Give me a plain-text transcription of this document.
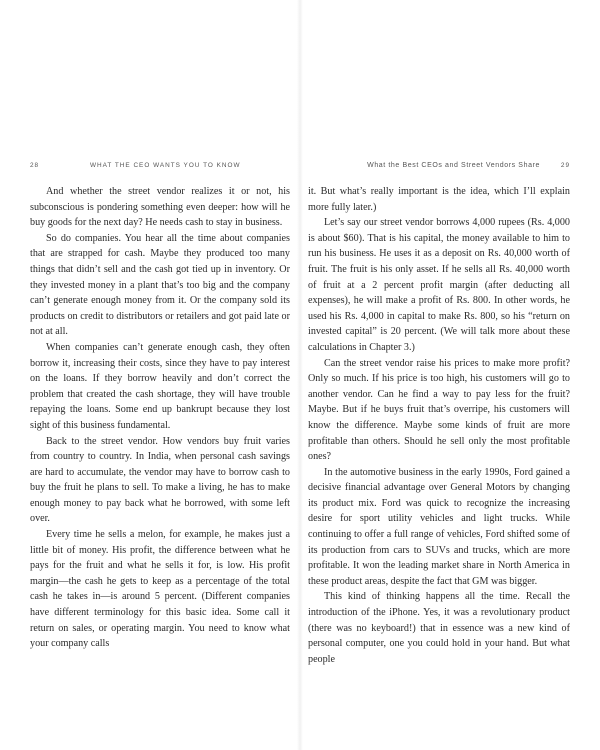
28	WHAT THE CEO WANTS YOU TO KNOW

And whether the street vendor realizes it or not, his subconscious is pondering something even deeper: how will he buy goods for the next day? He needs cash to stay in business.

So do companies. You hear all the time about companies that are strapped for cash. Maybe they produced too many things that didn’t sell and the cash got tied up in inventory. Or they invested money in a plant that’s too big and the company can’t generate enough money from it. Or the company sold its products on credit to distributors or retailers and got paid late or not at all.

When companies can’t generate enough cash, they often borrow it, increasing their costs, since they have to pay interest on the loans. If they borrow heavily and don’t correct the problem that created the cash shortage, they will have trouble repaying the loans. Some end up bankrupt because they lost sight of this business fundamental.

Back to the street vendor. How vendors buy fruit varies from country to country. In India, when personal cash savings are hard to accumulate, the vendor may have to borrow cash to buy the fruit he plans to sell. To make a living, he has to make enough money to pay back what he borrowed, with some left over.

Every time he sells a melon, for example, he makes just a little bit of money. His profit, the difference between what he pays for the fruit and what he sells it for, is low. His profit margin—the cash he gets to keep as a percentage of the total cash he takes in—is around 5 percent. (Different companies have different terminology for this basic idea. Some call it return on sales, or operating margin. You need to know what your company calls

What the Best CEOs and Street Vendors Share	29

it. But what’s really important is the idea, which I’ll explain more fully later.)

Let’s say our street vendor borrows 4,000 rupees (Rs. 4,000 is about $60). That is his capital, the money available to him to run his business. He uses it as a deposit on Rs. 40,000 worth of fruit. The fruit is his only asset. If he sells all Rs. 40,000 worth of fruit at a 2 percent profit margin (after deducting all expenses), he will make a profit of Rs. 800. In other words, he used his Rs. 4,000 in capital to make Rs. 800, so his “return on invested capital” is 20 percent. (We will talk more about these calculations in Chapter 3.)

Can the street vendor raise his prices to make more profit? Only so much. If his price is too high, his customers will go to another vendor. Can he find a way to pay less for the fruit? Maybe. But if he buys fruit that’s overripe, his customers will know the difference. Maybe some kinds of fruit are more profitable than others. Should he sell only the most profitable ones?

In the automotive business in the early 1990s, Ford gained a decisive financial advantage over General Motors by changing its product mix. Ford was quick to recognize the increasing desire for sport utility vehicles and light trucks. While continuing to offer a full range of vehicles, Ford shifted some of its production from cars to SUVs and trucks, which are more profitable. It won the leading market share in North America in these product areas, despite the fact that GM was bigger.

This kind of thinking happens all the time. Recall the introduction of the iPhone. Yes, it was a revolutionary product (there was no keyboard!) that in essence was a new kind of personal computer, one you could hold in your hand. But what people
